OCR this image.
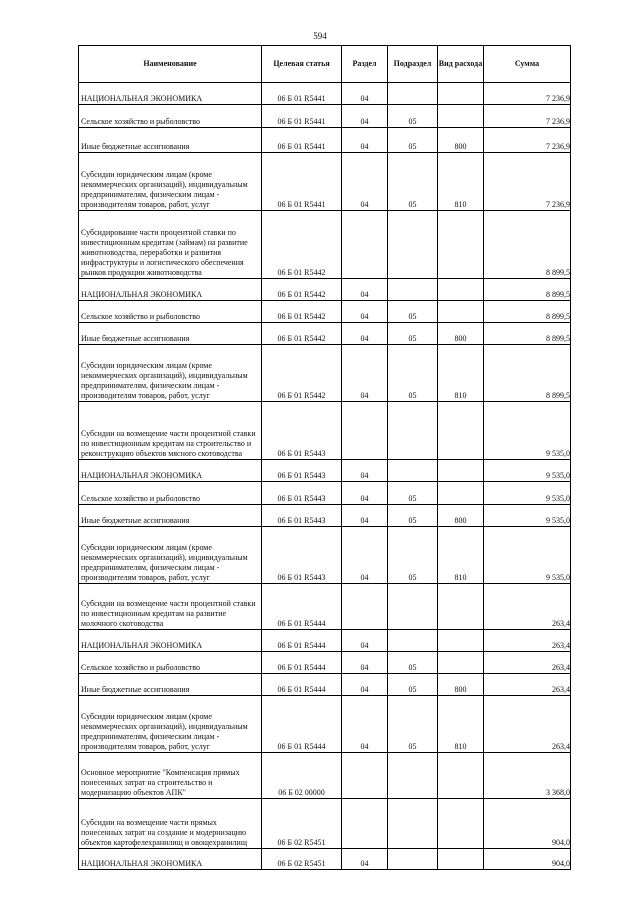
594
Наименование	Целевая статья	Раздел	Подраздел	Вид расхода	Сумма

НАЦИОНАЛЬНАЯ ЭКОНОМИКА	06 Б 01 R5441	04			7 236,9

Сельское хозяйство и рыболовство	06 Б 01 R5441	04	05		7 236,9

Иные бюджетные ассигнования	06 Б 01 R5441	04	05	800	7 236,9

Субсидии юридическим лицам (кроме некоммерческих организаций), индивидуальным предпринимателям, физическим лицам - производителям товаров, работ, услуг	06 Б 01 R5441	04	05	810	7 236,9

Субсидирование части процентной ставки по инвестиционным кредитам (займам) на развитие животноводства, переработки и развития инфраструктуры и логистического обеспечения рынков продукции животноводства	06 Б 01 R5442				8 899,5

НАЦИОНАЛЬНАЯ ЭКОНОМИКА	06 Б 01 R5442	04			8 899,5

Сельское хозяйство и рыболовство	06 Б 01 R5442	04	05		8 899,5

Иные бюджетные ассигнования	06 Б 01 R5442	04	05	800	8 899,5

Субсидии юридическим лицам (кроме некоммерческих организаций), индивидуальным предпринимателям, физическим лицам - производителям товаров, работ, услуг	06 Б 01 R5442	04	05	810	8 899,5

Субсидии на возмещение части процентной ставки по инвестиционным кредитам на строительство и реконструкцию объектов мясного скотоводства	06 Б 01 R5443				9 535,0

НАЦИОНАЛЬНАЯ ЭКОНОМИКА	06 Б 01 R5443	04			9 535,0

Сельское хозяйство и рыболовство	06 Б 01 R5443	04	05		9 535,0

Иные бюджетные ассигнования	06 Б 01 R5443	04	05	800	9 535,0

Субсидии юридическим лицам (кроме некоммерческих организаций), индивидуальным предпринимателям, физическим лицам - производителям товаров, работ, услуг	06 Б 01 R5443	04	05	810	9 535,0

Субсидии на возмещение части процентной ставки по инвестиционным кредитам на развитие молочного скотоводства	06 Б 01 R5444				263,4

НАЦИОНАЛЬНАЯ ЭКОНОМИКА	06 Б 01 R5444	04			263,4

Сельское хозяйство и рыболовство	06 Б 01 R5444	04	05		263,4

Иные бюджетные ассигнования	06 Б 01 R5444	04	05	800	263,4

Субсидии юридическим лицам (кроме некоммерческих организаций), индивидуальным предпринимателям, физическим лицам - производителям товаров, работ, услуг	06 Б 01 R5444	04	05	810	263,4

Основное мероприятие "Компенсация прямых понесенных затрат на строительство и модернизацию объектов АПК"	06 Б 02 00000				3 368,0

Субсидии на возмещение части прямых понесенных затрат на создание и модернизацию объектов картофелехранилищ и овощехранилищ	06 Б 02 R5451				904,0

НАЦИОНАЛЬНАЯ ЭКОНОМИКА	06 Б 02 R5451	04			904,0
